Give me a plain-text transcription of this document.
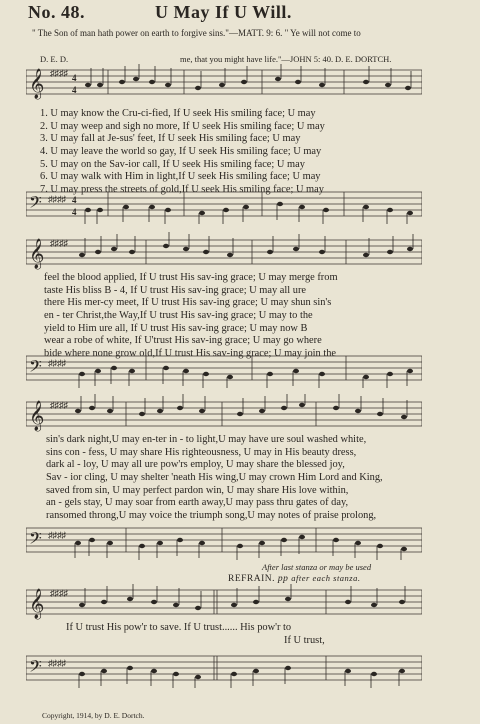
No. 48.	U May If U Will.
" The Son of man hath power on earth to forgive sins."—MATT. 9: 6. " Ye will not come to
D. E. D.	me, that you might have life."—JOHN 5: 40. D. E. DORTCH.
𝄞 ♯♯♯♯ 4
4
1. U may know the Cru-ci-fied, If U seek His smiling face; U may
2. U may weep and sigh no more, If U seek His smiling face; U may
3. U may fall at Je-sus' feet, If U seek His smiling face; U may
4. U may leave the world so gay, If U seek His smiling face; U may
5. U may on the Sav-ior call, If U seek His smiling face; U may
6. U may walk with Him in light,If U seek His smiling face; U may
7. U may press the streets of gold,If U seek His smiling face; U may
𝄢 ♯♯♯♯ 4
4
𝄞 ♯♯♯♯
feel the blood applied, If U trust His sav-ing grace; U may merge from
taste His bliss B - 4, If U trust His sav-ing grace; U may all ure
there His mer-cy meet, If U trust His sav-ing grace; U may shun sin's
en - ter Christ,the Way,If U trust His sav-ing grace; U may to the
yield to Him ure all, If U trust His sav-ing grace; U may now B
wear a robe of white, If U'trust His sav-ing grace; U may go where
bide where none grow old,If U trust His sav-ing grace; U may join the
𝄢 ♯♯♯♯
𝄞 ♯♯♯♯
sin's dark night,U may en-ter in - to light,U may have ure soul washed white,
sins con - fess, U may share His righteousness, U may in His beauty dress,
dark al - loy, U may all ure pow'rs employ, U may share the blessed joy,
Sav - ior cling, U may shelter 'neath His wing,U may crown Him Lord and King,
saved from sin, U may perfect pardon win, U may share His love within,
an - gels stay, U may soar from earth away,U may pass thru gates of day,
ransomed throng,U may voice the triumph song,U may notes of praise prolong,
𝄢 ♯♯♯♯
After last stanza or may be used
REFRAIN. pp after each stanza.
𝄞 ♯♯♯♯
If U trust His pow'r to save. If U trust...... His pow'r to
If U trust,
𝄢 ♯♯♯♯
Copyright, 1914, by D. E. Dortch.
